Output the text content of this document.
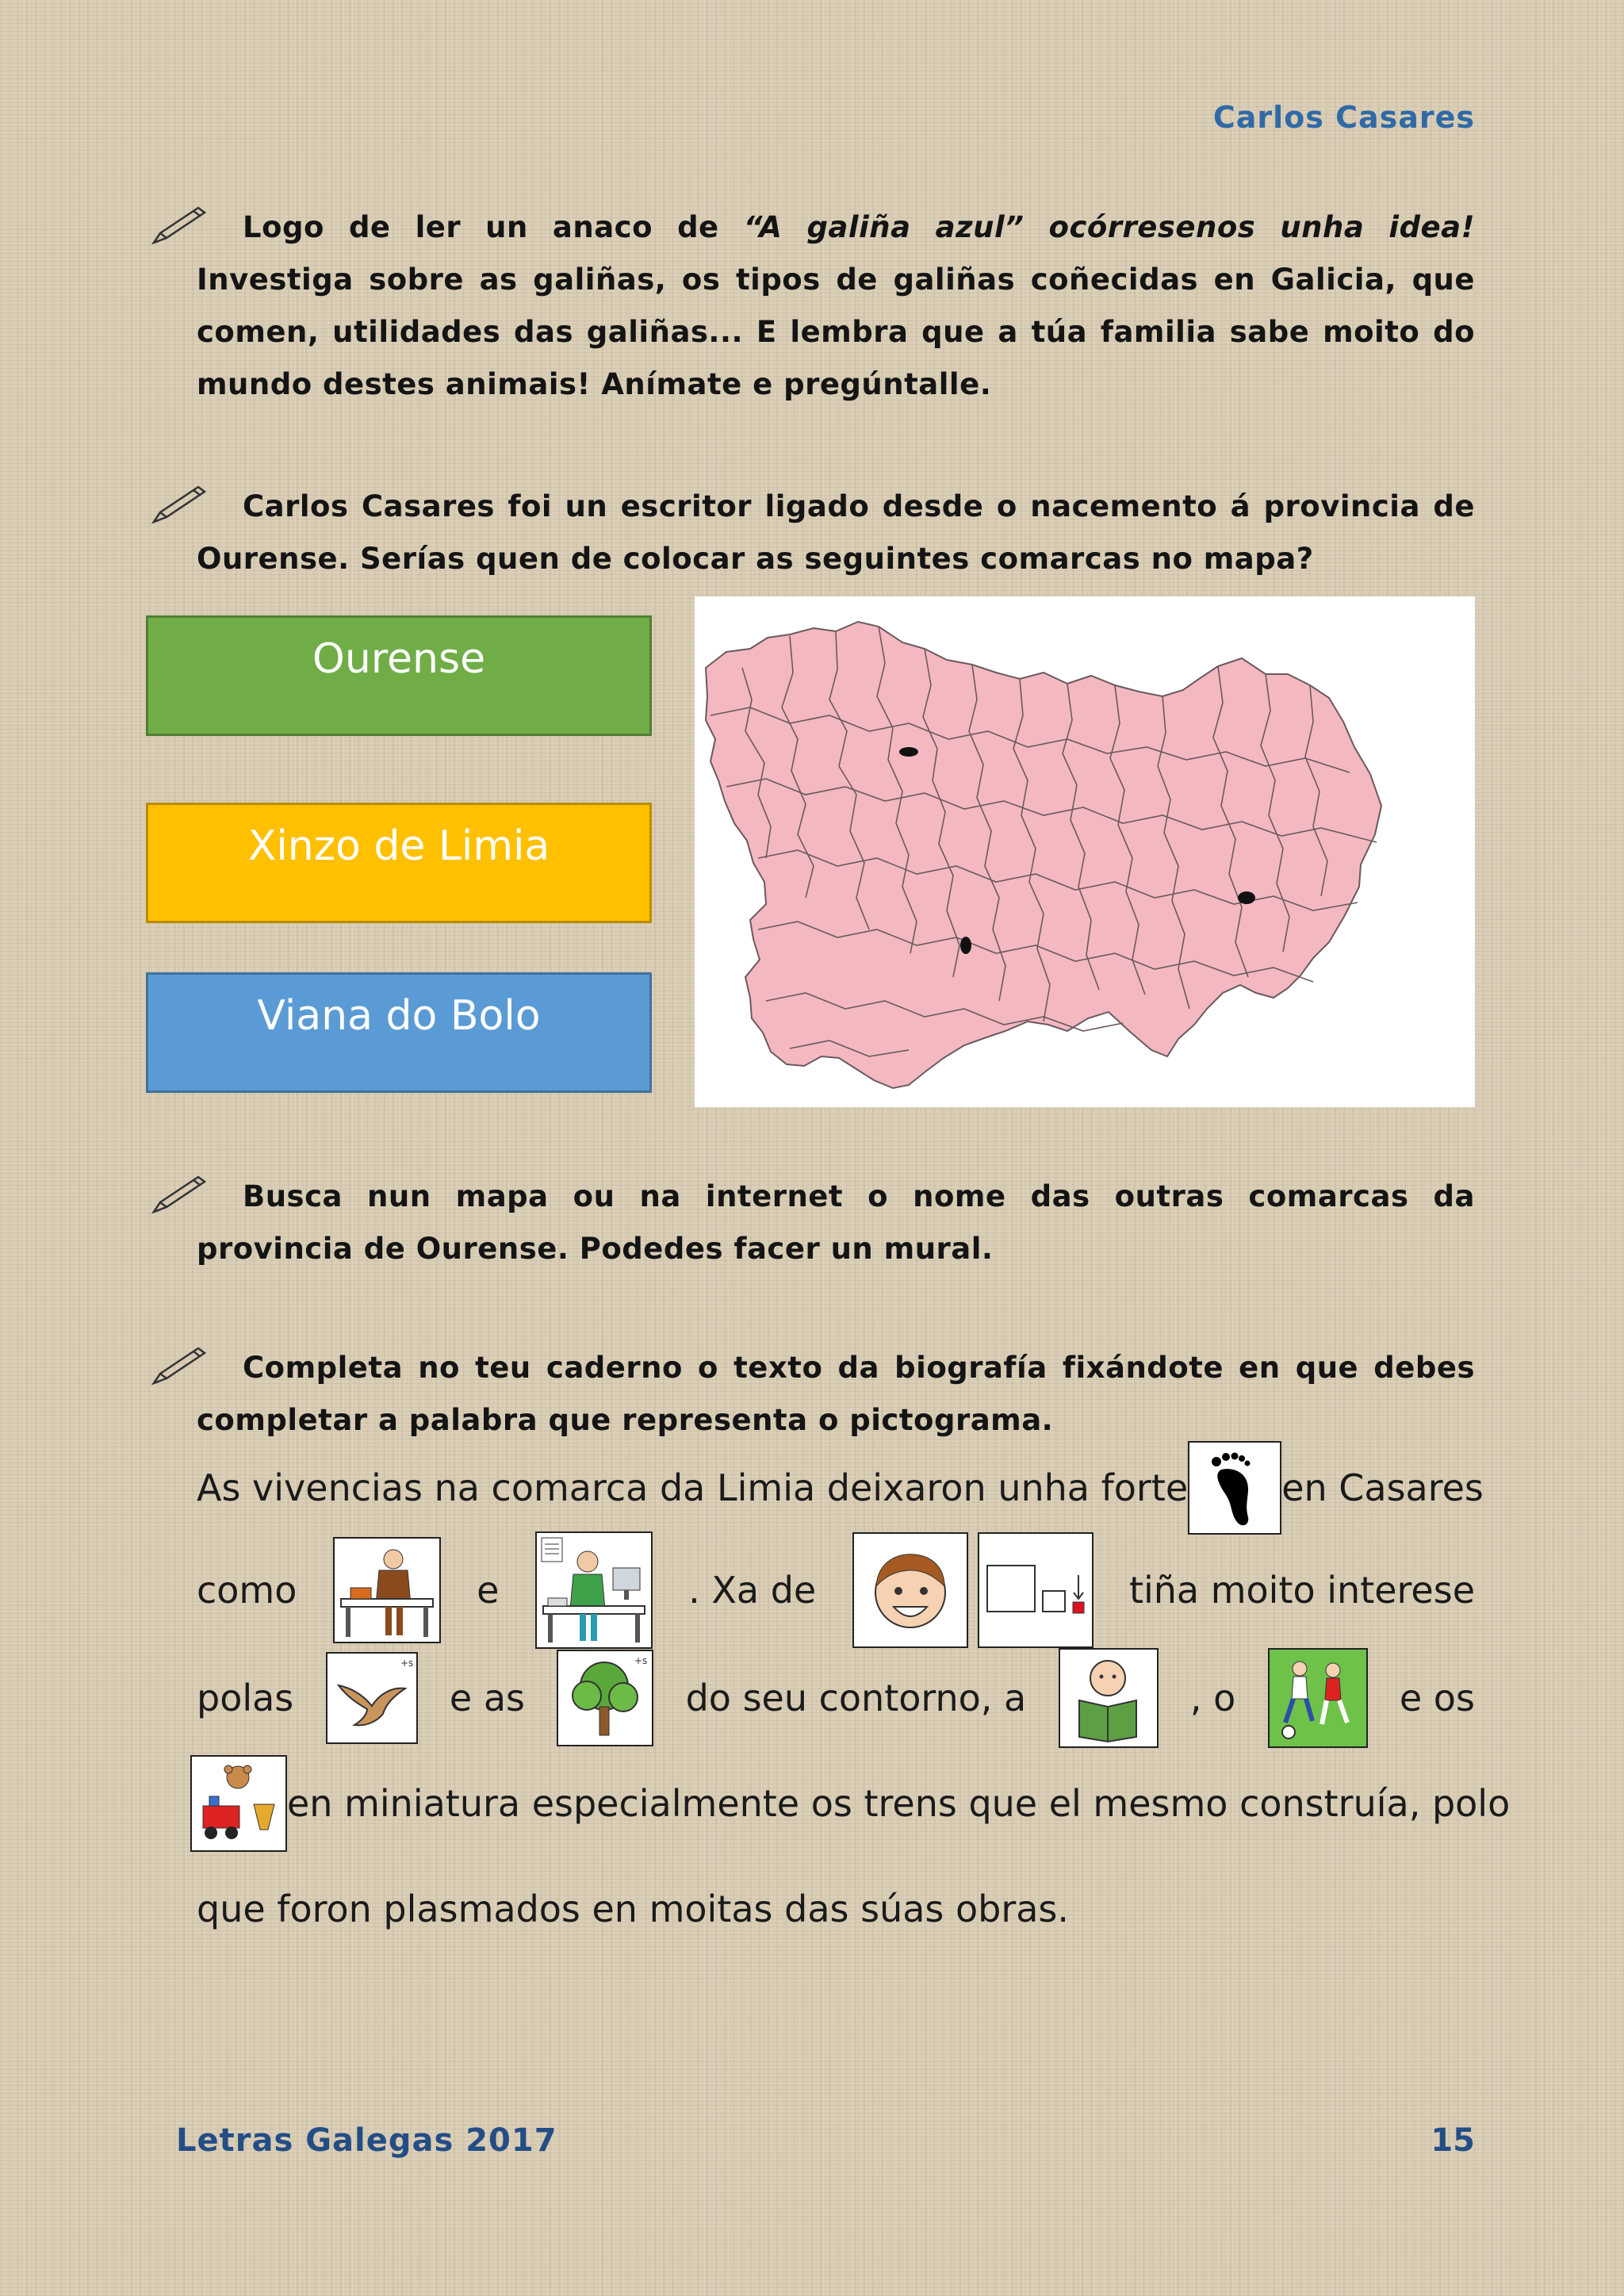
Carlos Casares
Logo de ler un anaco de “A galiña azul” ocórresenos unha idea! Investiga sobre as galiñas, os tipos de galiñas coñecidas en Galicia, que comen, utilidades das galiñas... E lembra que a túa familia sabe moito do mundo destes animais! Anímate e pregúntalle.
Carlos Casares foi un escritor ligado desde o nacemento á provincia de Ourense. Serías quen de colocar as seguintes comarcas no mapa?
Ourense
Xinzo de Limia
Viana do Bolo
Busca nun mapa ou na internet o nome das outras comarcas da provincia de Ourense. Podedes facer un mural.
Completa no teu caderno o texto da biografía fixándote en que debes completar a palabra que representa o pictograma.
As vivencias na comarca da Limia deixaron unha forte	en Casares
como	e	. Xa de	tiña moito interese
polas
+s
e as
+s
do seu contorno, a	, o	e os
en miniatura especialmente os trens que el mesmo construía, polo
que foron plasmados en moitas das súas obras.
Letras Galegas 2017	15
